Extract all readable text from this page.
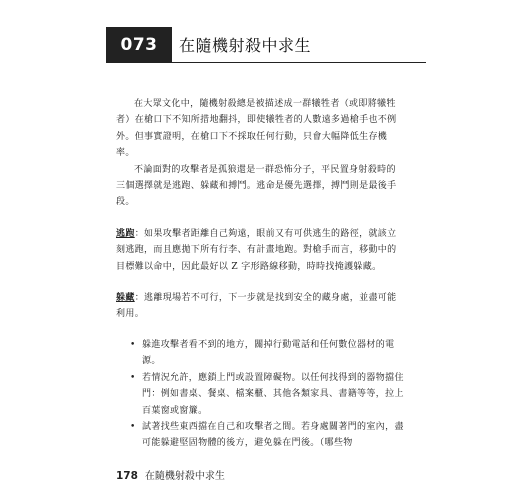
073	在隨機射殺中求生

在大眾文化中，隨機射殺總是被描述成一群犧牲者（或即將犧牲者）在槍口下不知所措地翻抖，即使犧牲者的人數遠多過槍手也不例外。但事實證明，在槍口下不採取任何行動，只會大幅降低生存機率。

不論面對的攻擊者是孤狼還是一群恐怖分子，平民置身射殺時的三個選擇就是逃跑、躲藏和搏鬥。逃命是優先選擇，搏鬥則是最後手段。

逃跑：如果攻擊者距離自己夠遠，眼前又有可供逃生的路徑，就該立刻逃跑，而且應拋下所有行李、有計畫地跑。對槍手而言，移動中的目標難以命中，因此最好以 Z 字形路線移動，時時找掩護躲藏。

躲藏：逃離現場若不可行，下一步就是找到安全的藏身處，並盡可能利用。

• 躲進攻擊者看不到的地方，關掉行動電話和任何數位器材的電源。
• 若情況允許，應鎖上門或設置障礙物。以任何找得到的器物擋住門：例如書桌、餐桌、檔案櫃、其他各類家具、書籍等等，拉上百葉窗或窗簾。
• 試著找些東西擋在自己和攻擊者之間。若身處關著門的室內，盡可能躲避堅固物體的後方，避免躲在門後。（哪些物
178 在隨機射殺中求生
